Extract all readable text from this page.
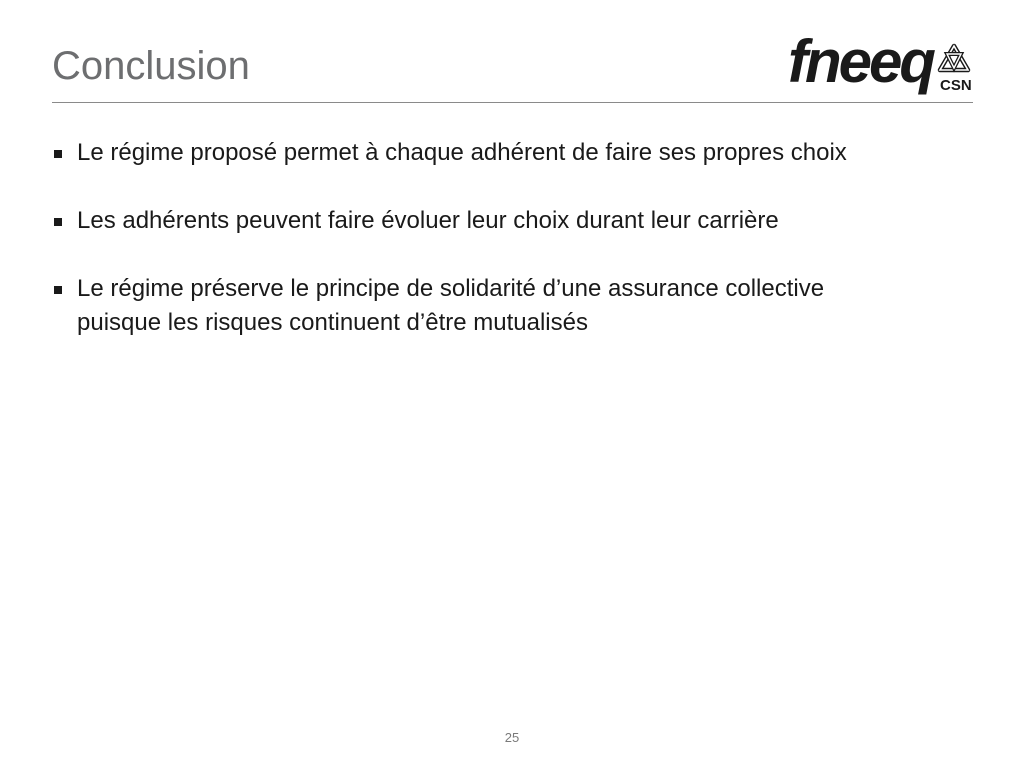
Conclusion	fneeq CSN
Le régime proposé permet à chaque adhérent de faire ses propres choix
Les adhérents peuvent faire évoluer leur choix durant leur carrière
Le régime préserve le principe de solidarité d’une assurance collective puisque les risques continuent d’être mutualisés
25
